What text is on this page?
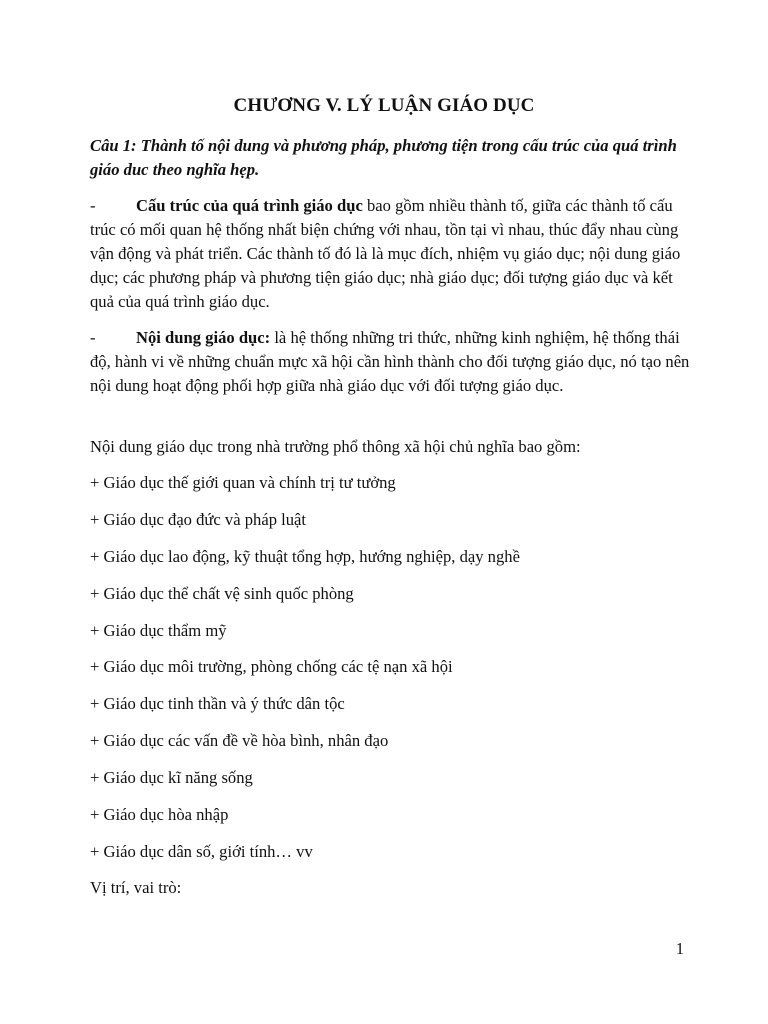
CHƯƠNG V. LÝ LUẬN GIÁO DỤC
Câu 1: Thành tố nội dung và phương pháp, phương tiện trong cấu trúc của quá trình giáo duc theo nghĩa hẹp.
- Cấu trúc của quá trình giáo dục bao gồm nhiều thành tố, giữa các thành tố cấu trúc có mối quan hệ thống nhất biện chứng với nhau, tồn tại vì nhau, thúc đẩy nhau cùng vận động và phát triển. Các thành tố đó là là mục đích, nhiệm vụ giáo dục; nội dung giáo dục; các phương pháp và phương tiện giáo dục; nhà giáo dục; đối tượng giáo dục và kết quả của quá trình giáo dục.
- Nội dung giáo dục: là hệ thống những tri thức, những kinh nghiệm, hệ thống thái độ, hành vi về những chuẩn mực xã hội cần hình thành cho đối tượng giáo dục, nó tạo nên nội dung hoạt động phối hợp giữa nhà giáo dục với đối tượng giáo dục.
Nội dung giáo dục trong nhà trường phổ thông xã hội chủ nghĩa bao gồm:
+ Giáo dục thế giới quan và chính trị tư tưởng
+ Giáo dục đạo đức và pháp luật
+ Giáo dục lao động, kỹ thuật tổng hợp, hướng nghiệp, dạy nghề
+ Giáo dục thể chất vệ sinh quốc phòng
+ Giáo dục thẩm mỹ
+ Giáo dục môi trường, phòng chống các tệ nạn xã hội
+ Giáo dục tinh thần và ý thức dân tộc
+ Giáo dục các vấn đề về hòa bình, nhân đạo
+ Giáo dục kĩ năng sống
+ Giáo dục hòa nhập
+ Giáo dục dân số, giới tính… vv
Vị trí, vai trò:
1
